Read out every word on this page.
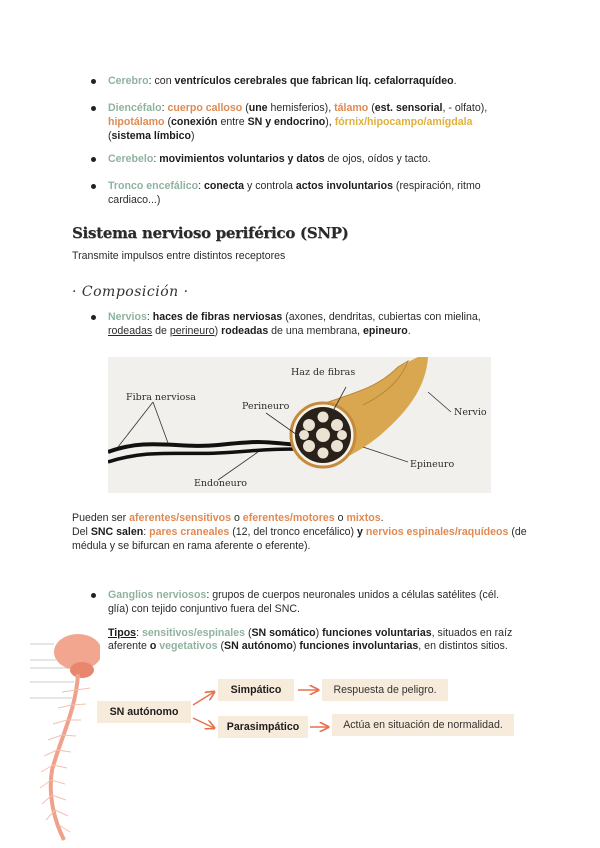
Cerebro: con ventrículos cerebrales que fabrican líq. cefalorraquídeo.
Diencéfalo: cuerpo calloso (une hemisferios), tálamo (est. sensorial, - olfato), hipotálamo (conexión entre SN y endocrino), fórnix/hipocampo/amígdala (sistema límbico)
Cerebelo: movimientos voluntarios y datos de ojos, oídos y tacto.
Tronco encefálico: conecta y controla actos involuntarios (respiración, ritmo cardiaco...)
Sistema nervioso periférico (SNP)
Transmite impulsos entre distintos receptores
· Composición ·
Nervios: haces de fibras nerviosas (axones, dendritas, cubiertas con mielina, rodeadas de perineuro) rodeadas de una membrana, epineuro.
Haz de fibras
Fibra nerviosa
Perineuro
Nervio
Epineuro
Endoneuro
Pueden ser aferentes/sensitivos o eferentes/motores o mixtos.
Del SNC salen: pares craneales (12, del tronco encefálico) y nervios espinales/raquídeos (de médula y se bifurcan en rama aferente o eferente).
Ganglios nerviosos: grupos de cuerpos neuronales unidos a células satélites (cél. glía) con tejido conjuntivo fuera del SNC.
Tipos: sensitivos/espinales (SN somático) funciones voluntarias, situados en raíz aferente o vegetativos (SN autónomo) funciones involuntarias, en distintos sitios.
SN autónomo
Simpático
Parasimpático
Respuesta de peligro.
Actúa en situación de normalidad.
